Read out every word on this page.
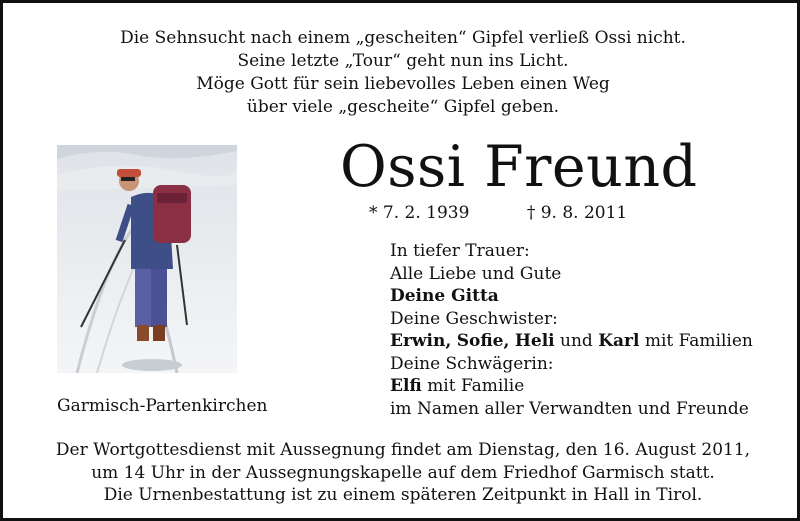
Die Sehnsucht nach einem „gescheiten“ Gipfel verließ Ossi nicht.
Seine letzte „Tour“ geht nun ins Licht.
Möge Gott für sein liebevolles Leben einen Weg
über viele „gescheite“ Gipfel geben.
Garmisch-Partenkirchen
Ossi Freund
* 7. 2. 1939	† 9. 8. 2011
In tiefer Trauer:
Alle Liebe und Gute
Deine Gitta
Deine Geschwister:
Erwin, Sofie, Heli und Karl mit Familien
Deine Schwägerin:
Elfi mit Familie
im Namen aller Verwandten und Freunde
Der Wortgottesdienst mit Aussegnung findet am Dienstag, den 16. August 2011,
um 14 Uhr in der Aussegnungskapelle auf dem Friedhof Garmisch statt.
Die Urnenbestattung ist zu einem späteren Zeitpunkt in Hall in Tirol.
